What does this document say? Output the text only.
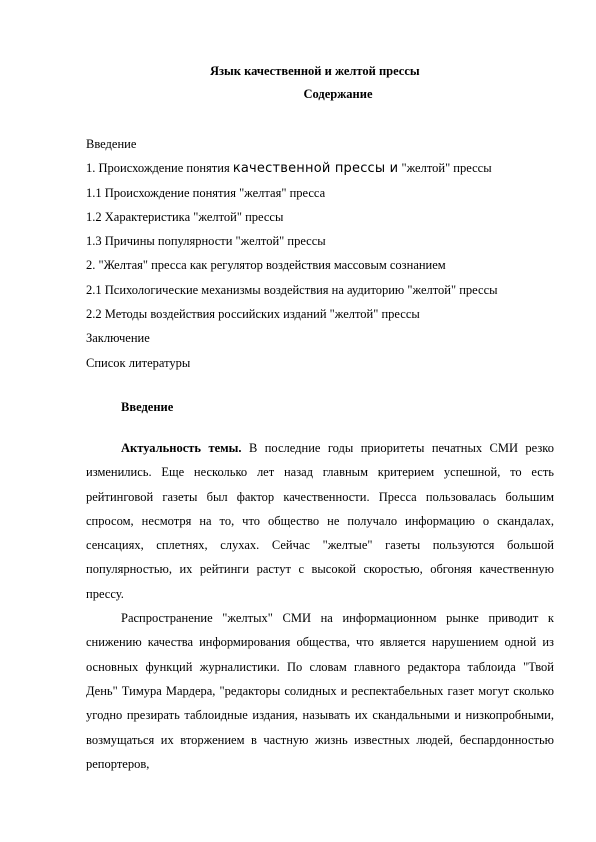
Язык качественной и желтой прессы
Содержание
Введение
1. Происхождение понятия качественной прессы и "желтой" прессы
1.1 Происхождение понятия "желтая" пресса
1.2 Характеристика "желтой" прессы
1.3 Причины популярности "желтой" прессы
2. "Желтая" пресса как регулятор воздействия массовым сознанием
2.1 Психологические механизмы воздействия на аудиторию "желтой" прессы
2.2 Методы воздействия российских изданий "желтой" прессы
Заключение
Список литературы
Введение

Актуальность темы. В последние годы приоритеты печатных СМИ резко изменились. Еще несколько лет назад главным критерием успешной, то есть рейтинговой газеты был фактор качественности. Пресса пользовалась большим спросом, несмотря на то, что общество не получало информацию о скандалах, сенсациях, сплетнях, слухах. Сейчас "желтые" газеты пользуются большой популярностью, их рейтинги растут с высокой скоростью, обгоняя качественную прессу.

Распространение "желтых" СМИ на информационном рынке приводит к снижению качества информирования общества, что является нарушением одной из основных функций журналистики. По словам главного редактора таблоида "Твой День" Тимура Мардера, "редакторы солидных и респектабельных газет могут сколько угодно презирать таблоидные издания, называть их скандальными и низкопробными, возмущаться их вторжением в частную жизнь известных людей, беспардонностью репортеров,
